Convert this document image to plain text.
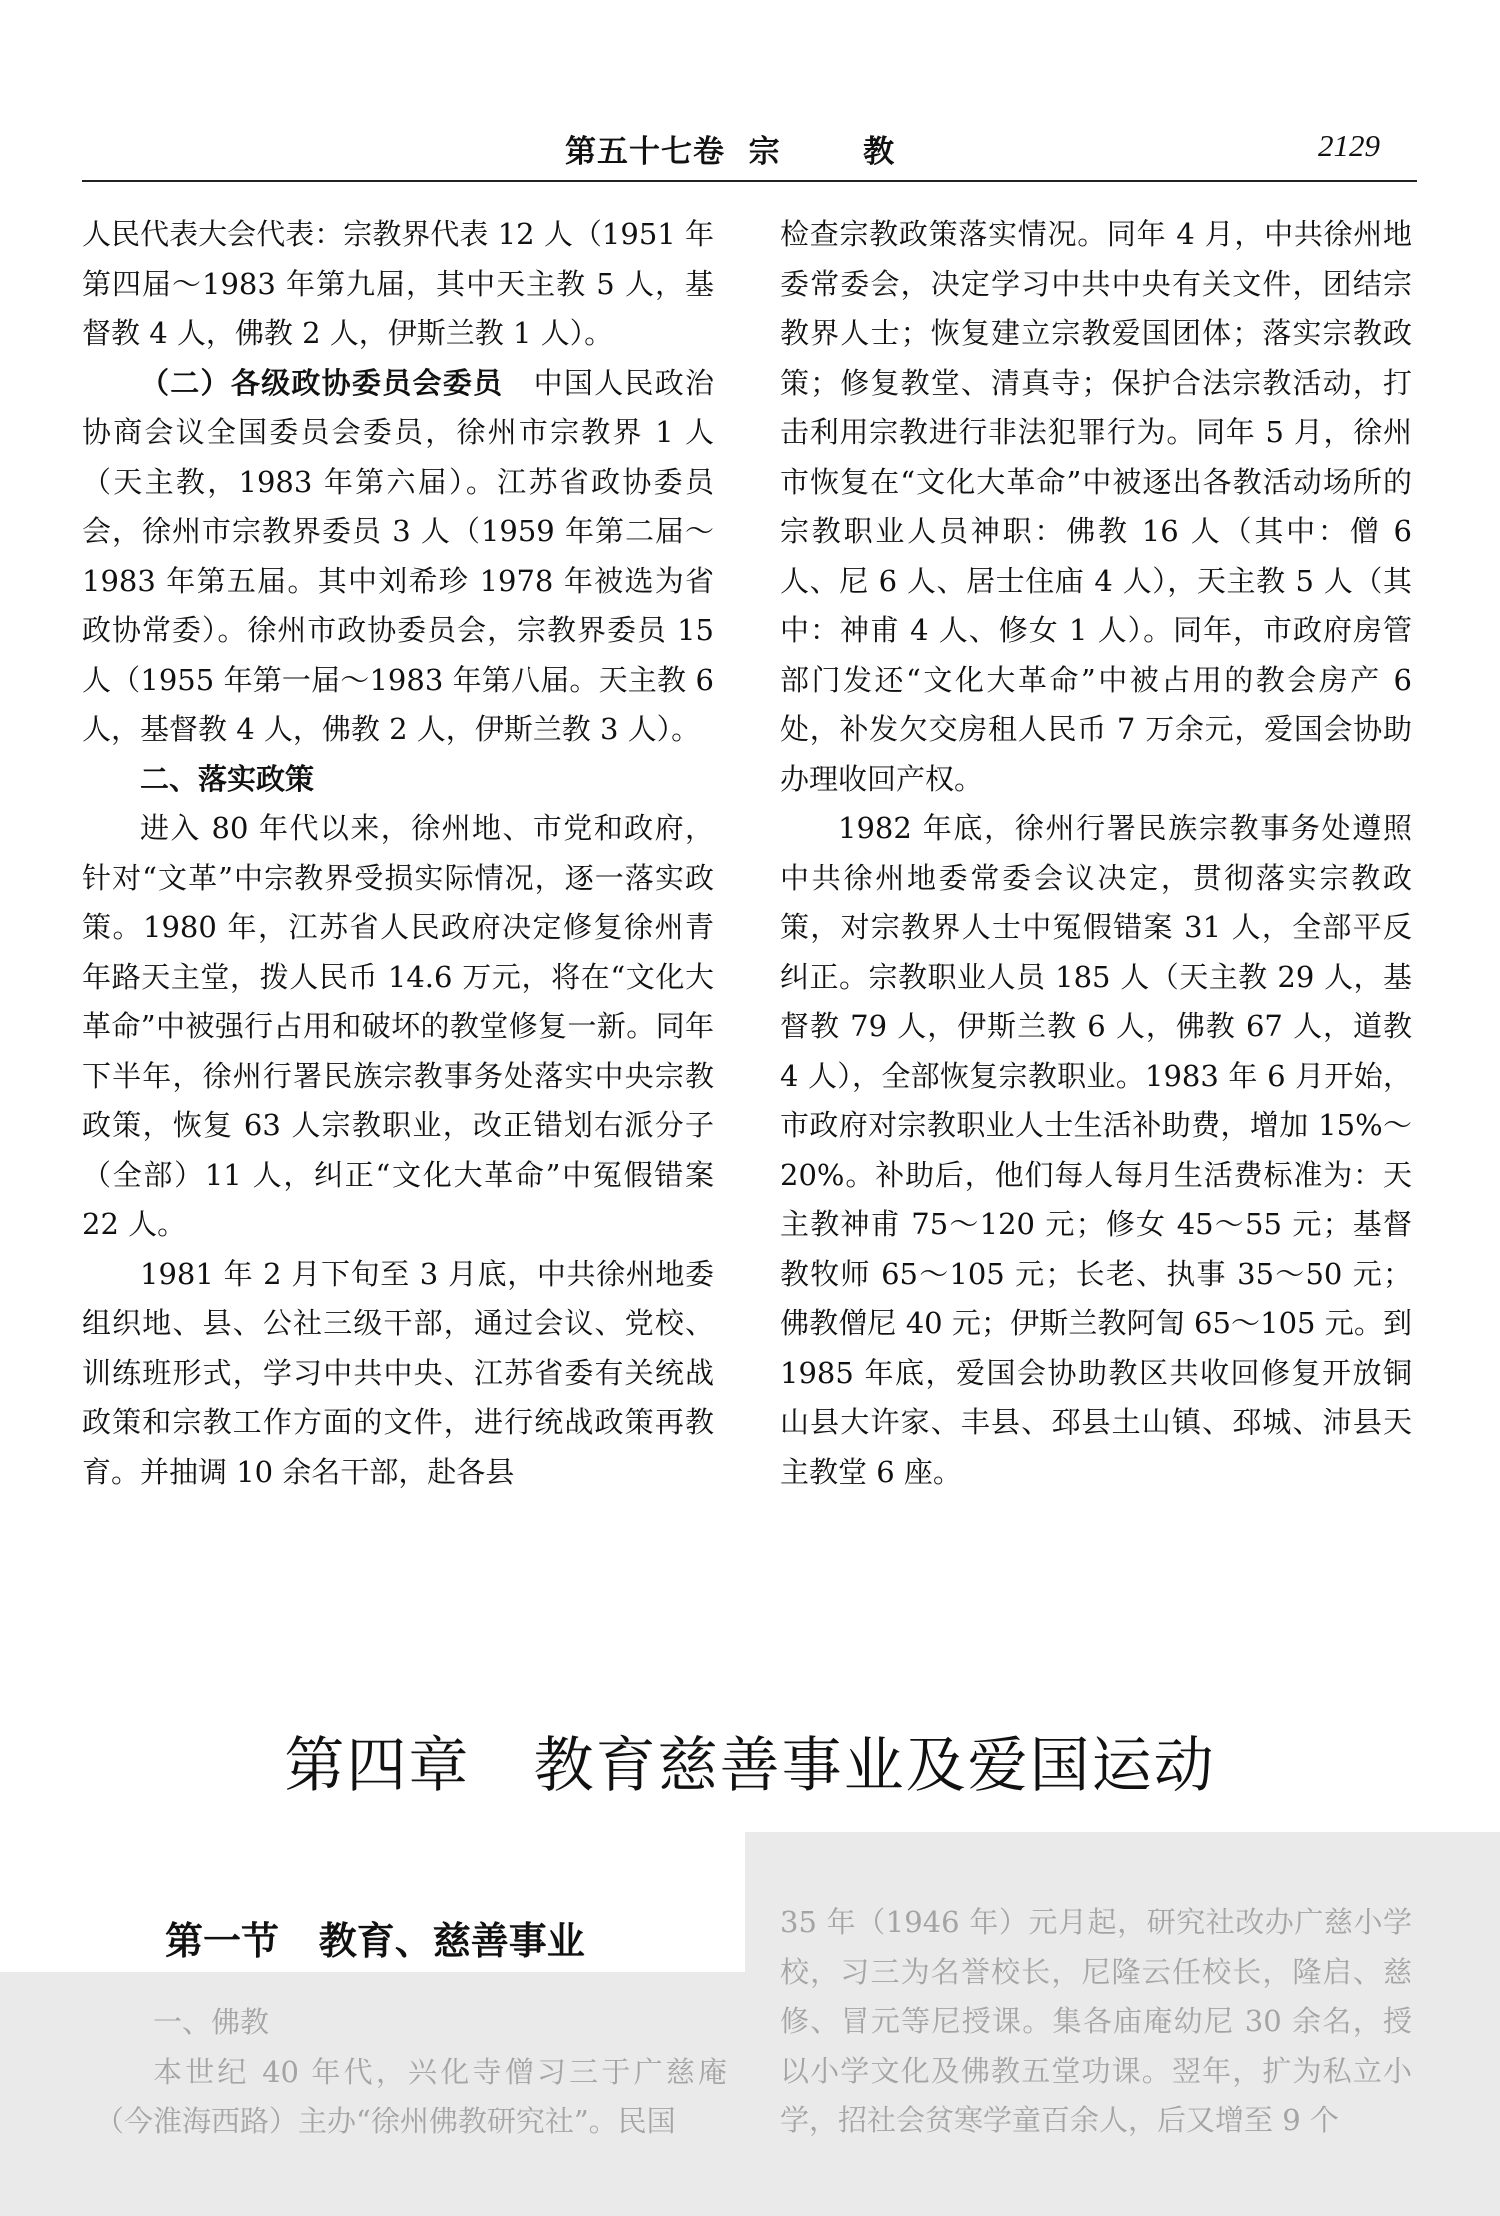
第五十七卷  宗       教	2129

人民代表大会代表：宗教界代表 12 人（1951 年第四届～1983 年第九届，其中天主教 5 人，基督教 4 人，佛教 2 人，伊斯兰教 1 人）。

（二）各级政协委员会委员　中国人民政治协商会议全国委员会委员，徐州市宗教界 1 人（天主教，1983 年第六届）。江苏省政协委员会，徐州市宗教界委员 3 人（1959 年第二届～1983 年第五届。其中刘希珍 1978 年被选为省政协常委）。徐州市政协委员会，宗教界委员 15 人（1955 年第一届～1983 年第八届。天主教 6 人，基督教 4 人，佛教 2 人，伊斯兰教 3 人）。

二、落实政策

进入 80 年代以来，徐州地、市党和政府，针对“文革”中宗教界受损实际情况，逐一落实政策。1980 年，江苏省人民政府决定修复徐州青年路天主堂，拨人民币 14.6 万元，将在“文化大革命”中被强行占用和破坏的教堂修复一新。同年下半年，徐州行署民族宗教事务处落实中央宗教政策，恢复 63 人宗教职业，改正错划右派分子（全部）11 人，纠正“文化大革命”中冤假错案 22 人。

1981 年 2 月下旬至 3 月底，中共徐州地委组织地、县、公社三级干部，通过会议、党校、训练班形式，学习中共中央、江苏省委有关统战政策和宗教工作方面的文件，进行统战政策再教育。并抽调 10 余名干部，赴各县

检查宗教政策落实情况。同年 4 月，中共徐州地委常委会，决定学习中共中央有关文件，团结宗教界人士；恢复建立宗教爱国团体；落实宗教政策；修复教堂、清真寺；保护合法宗教活动，打击利用宗教进行非法犯罪行为。同年 5 月，徐州市恢复在“文化大革命”中被逐出各教活动场所的宗教职业人员神职：佛教 16 人（其中：僧 6 人、尼 6 人、居士住庙 4 人），天主教 5 人（其中：神甫 4 人、修女 1 人）。同年，市政府房管部门发还“文化大革命”中被占用的教会房产 6 处，补发欠交房租人民币 7 万余元，爱国会协助办理收回产权。

1982 年底，徐州行署民族宗教事务处遵照中共徐州地委常委会议决定，贯彻落实宗教政策，对宗教界人士中冤假错案 31 人，全部平反纠正。宗教职业人员 185 人（天主教 29 人，基督教 79 人，伊斯兰教 6 人，佛教 67 人，道教 4 人），全部恢复宗教职业。1983 年 6 月开始，市政府对宗教职业人士生活补助费，增加 15%～20%。补助后，他们每人每月生活费标准为：天主教神甫 75～120 元；修女 45～55 元；基督教牧师 65～105 元；长老、执事 35～50 元；佛教僧尼 40 元；伊斯兰教阿訇 65～105 元。到 1985 年底，爱国会协助教区共收回修复开放铜山县大许家、丰县、邳县土山镇、邳城、沛县天主教堂 6 座。

第四章   教育慈善事业及爱国运动
第一节   教育、慈善事业
一、佛教

本世纪 40 年代，兴化寺僧习三于广慈庵（今淮海西路）主办“徐州佛教研究社”。民国

35 年（1946 年）元月起，研究社改办广慈小学校，习三为名誉校长，尼隆云任校长，隆启、慈修、冒元等尼授课。集各庙庵幼尼 30 余名，授以小学文化及佛教五堂功课。翌年，扩为私立小学，招社会贫寒学童百余人，后又增至 9 个
